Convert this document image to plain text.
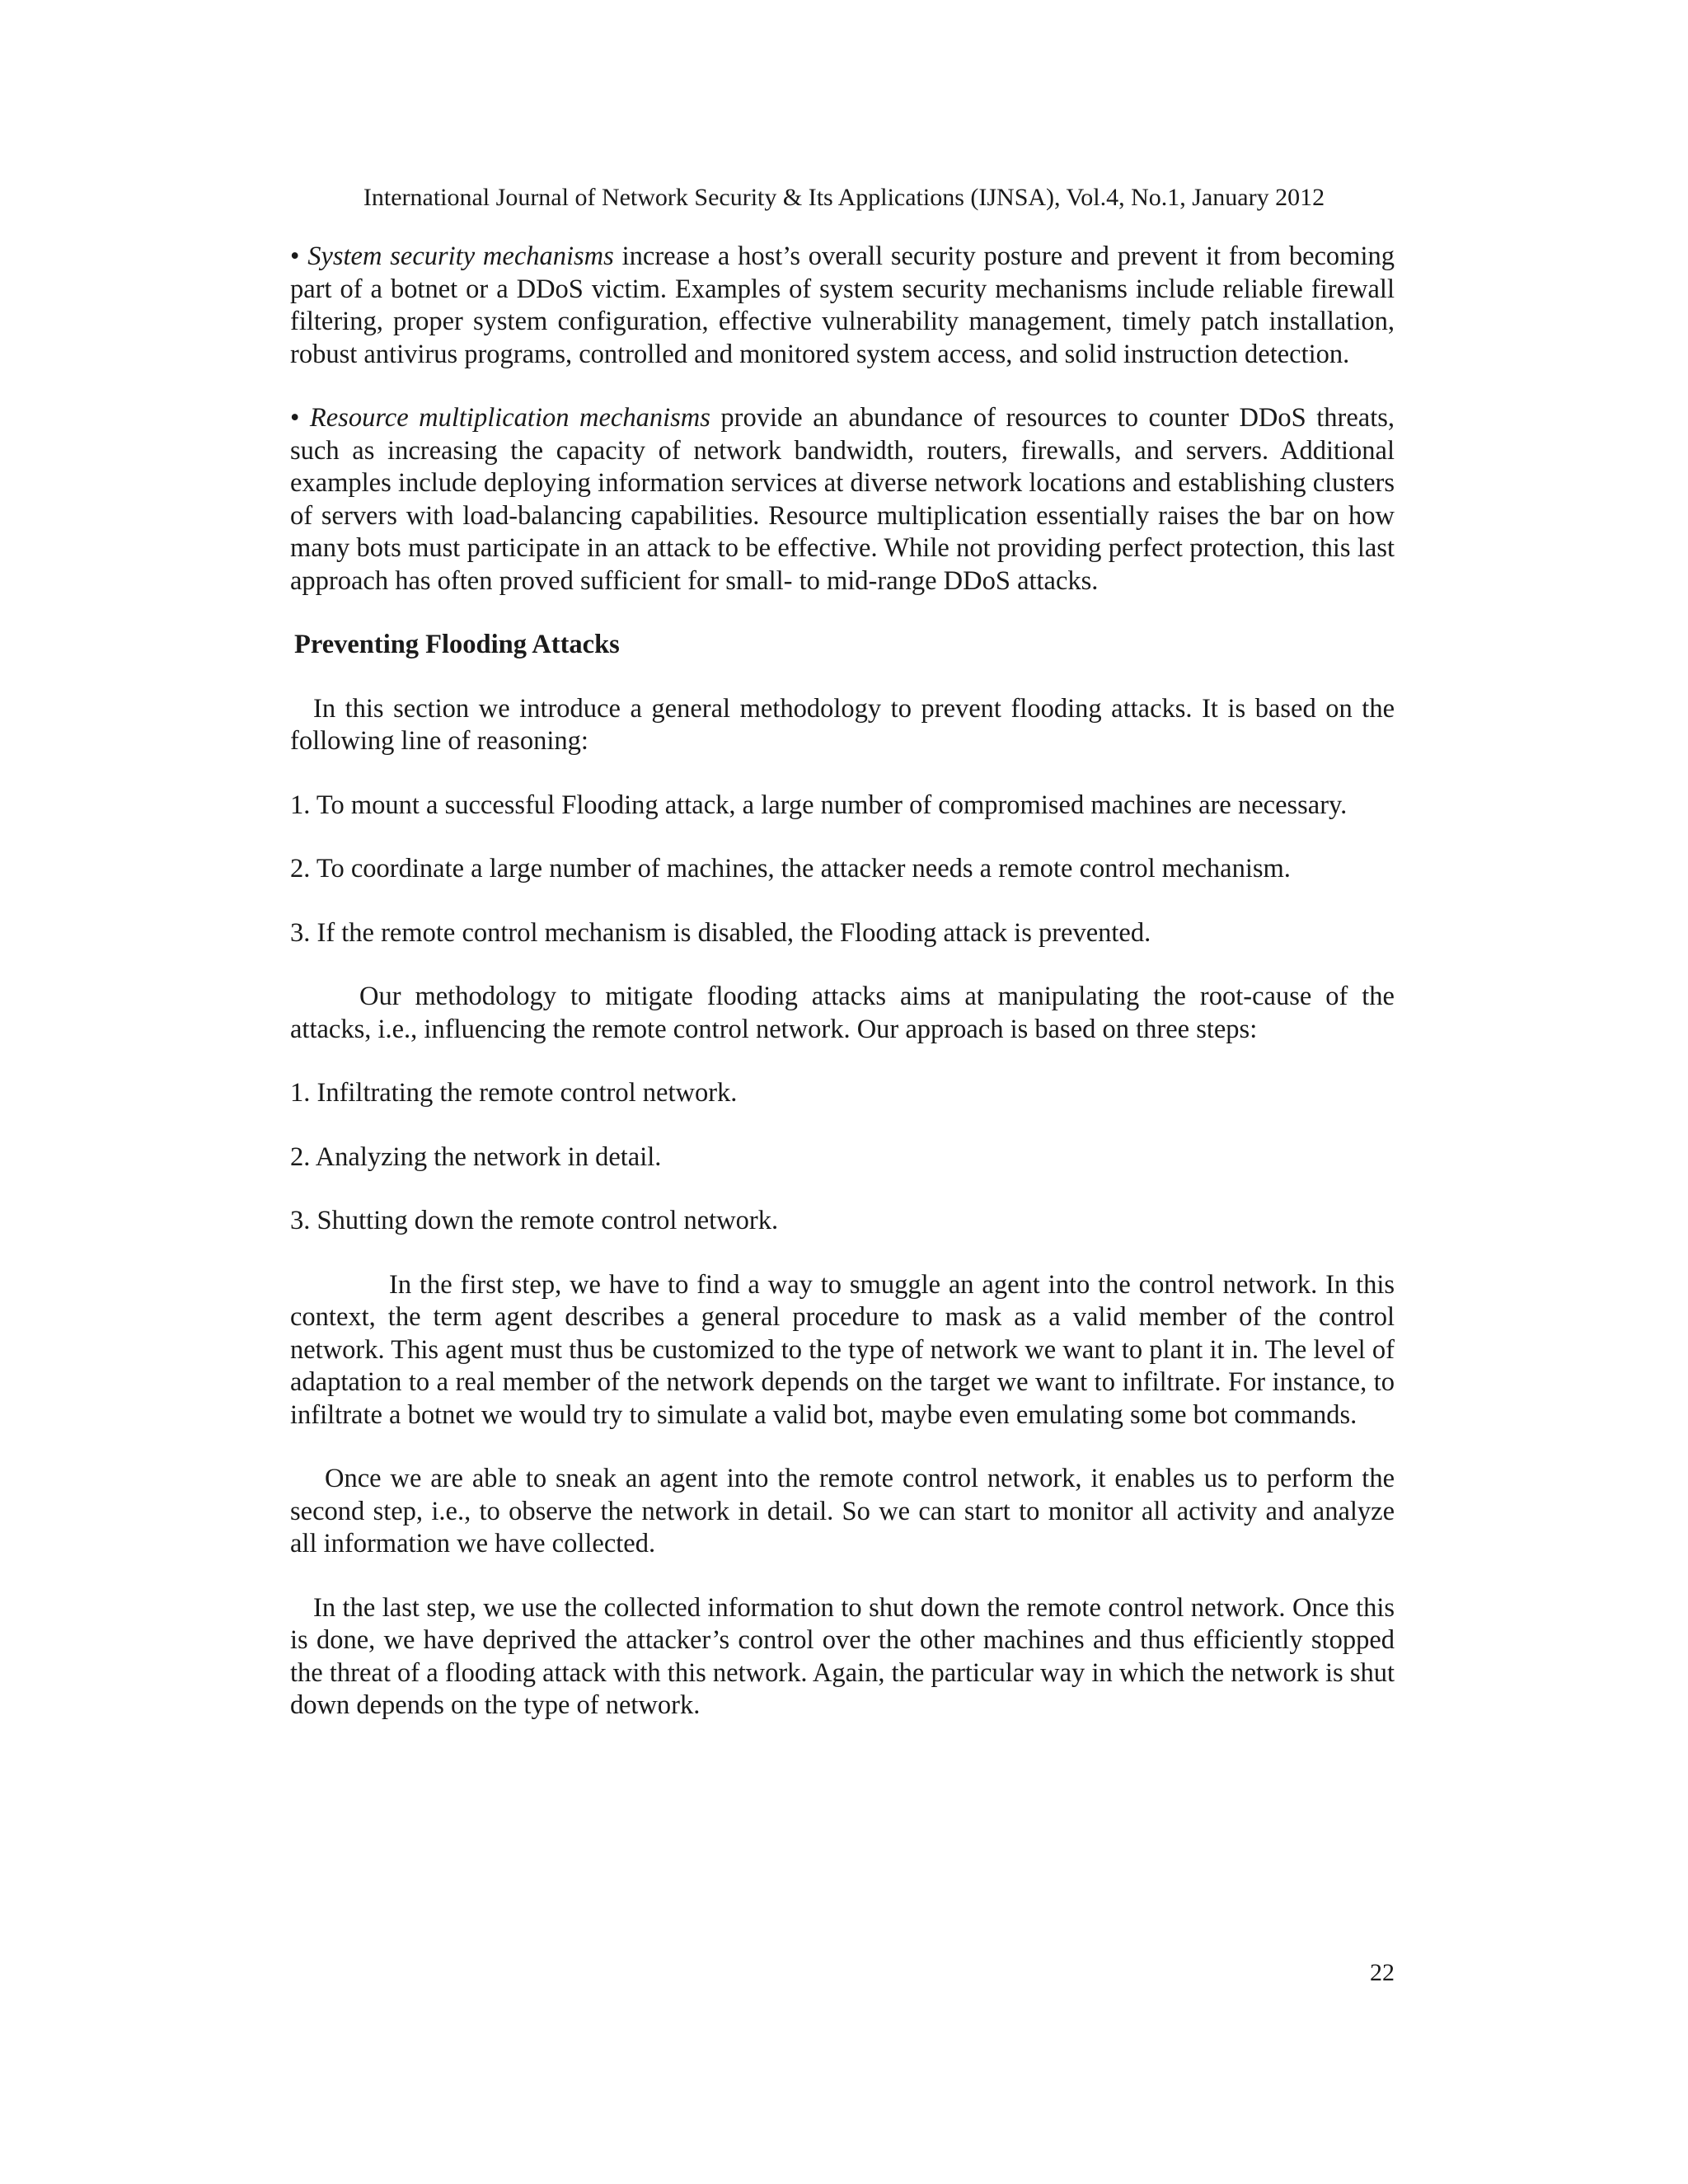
International Journal of Network Security & Its Applications (IJNSA), Vol.4, No.1, January 2012

• System security mechanisms increase a host’s overall security posture and prevent it from becoming part of a botnet or a DDoS victim. Examples of system security mechanisms include reliable firewall filtering, proper system configuration, effective vulnerability management, timely patch installation, robust antivirus programs, controlled and monitored system access, and solid instruction detection.

• Resource multiplication mechanisms provide an abundance of resources to counter DDoS threats, such as increasing the capacity of network bandwidth, routers, firewalls, and servers. Additional examples include deploying information services at diverse network locations and establishing clusters of servers with load-balancing capabilities. Resource multiplication essentially raises the bar on how many bots must participate in an attack to be effective. While not providing perfect protection, this last approach has often proved sufficient for small- to mid-range DDoS attacks.

Preventing Flooding Attacks

In this section we introduce a general methodology to prevent flooding attacks. It is based on the following line of reasoning:

1. To mount a successful Flooding attack, a large number of compromised machines are necessary.

2. To coordinate a large number of machines, the attacker needs a remote control mechanism.

3. If the remote control mechanism is disabled, the Flooding attack is prevented.

Our methodology to mitigate flooding attacks aims at manipulating the root-cause of the attacks, i.e., influencing the remote control network. Our approach is based on three steps:

1. Infiltrating the remote control network.

2. Analyzing the network in detail.

3. Shutting down the remote control network.

In the first step, we have to find a way to smuggle an agent into the control network. In this context, the term agent describes a general procedure to mask as a valid member of the control network. This agent must thus be customized to the type of network we want to plant it in. The level of adaptation to a real member of the network depends on the target we want to infiltrate. For instance, to infiltrate a botnet we would try to simulate a valid bot, maybe even emulating some bot commands.

Once we are able to sneak an agent into the remote control network, it enables us to perform the second step, i.e., to observe the network in detail. So we can start to monitor all activity and analyze all information we have collected.

In the last step, we use the collected information to shut down the remote control network. Once this is done, we have deprived the attacker’s control over the other machines and thus efficiently stopped the threat of a flooding attack with this network. Again, the particular way in which the network is shut down depends on the type of network.

22
